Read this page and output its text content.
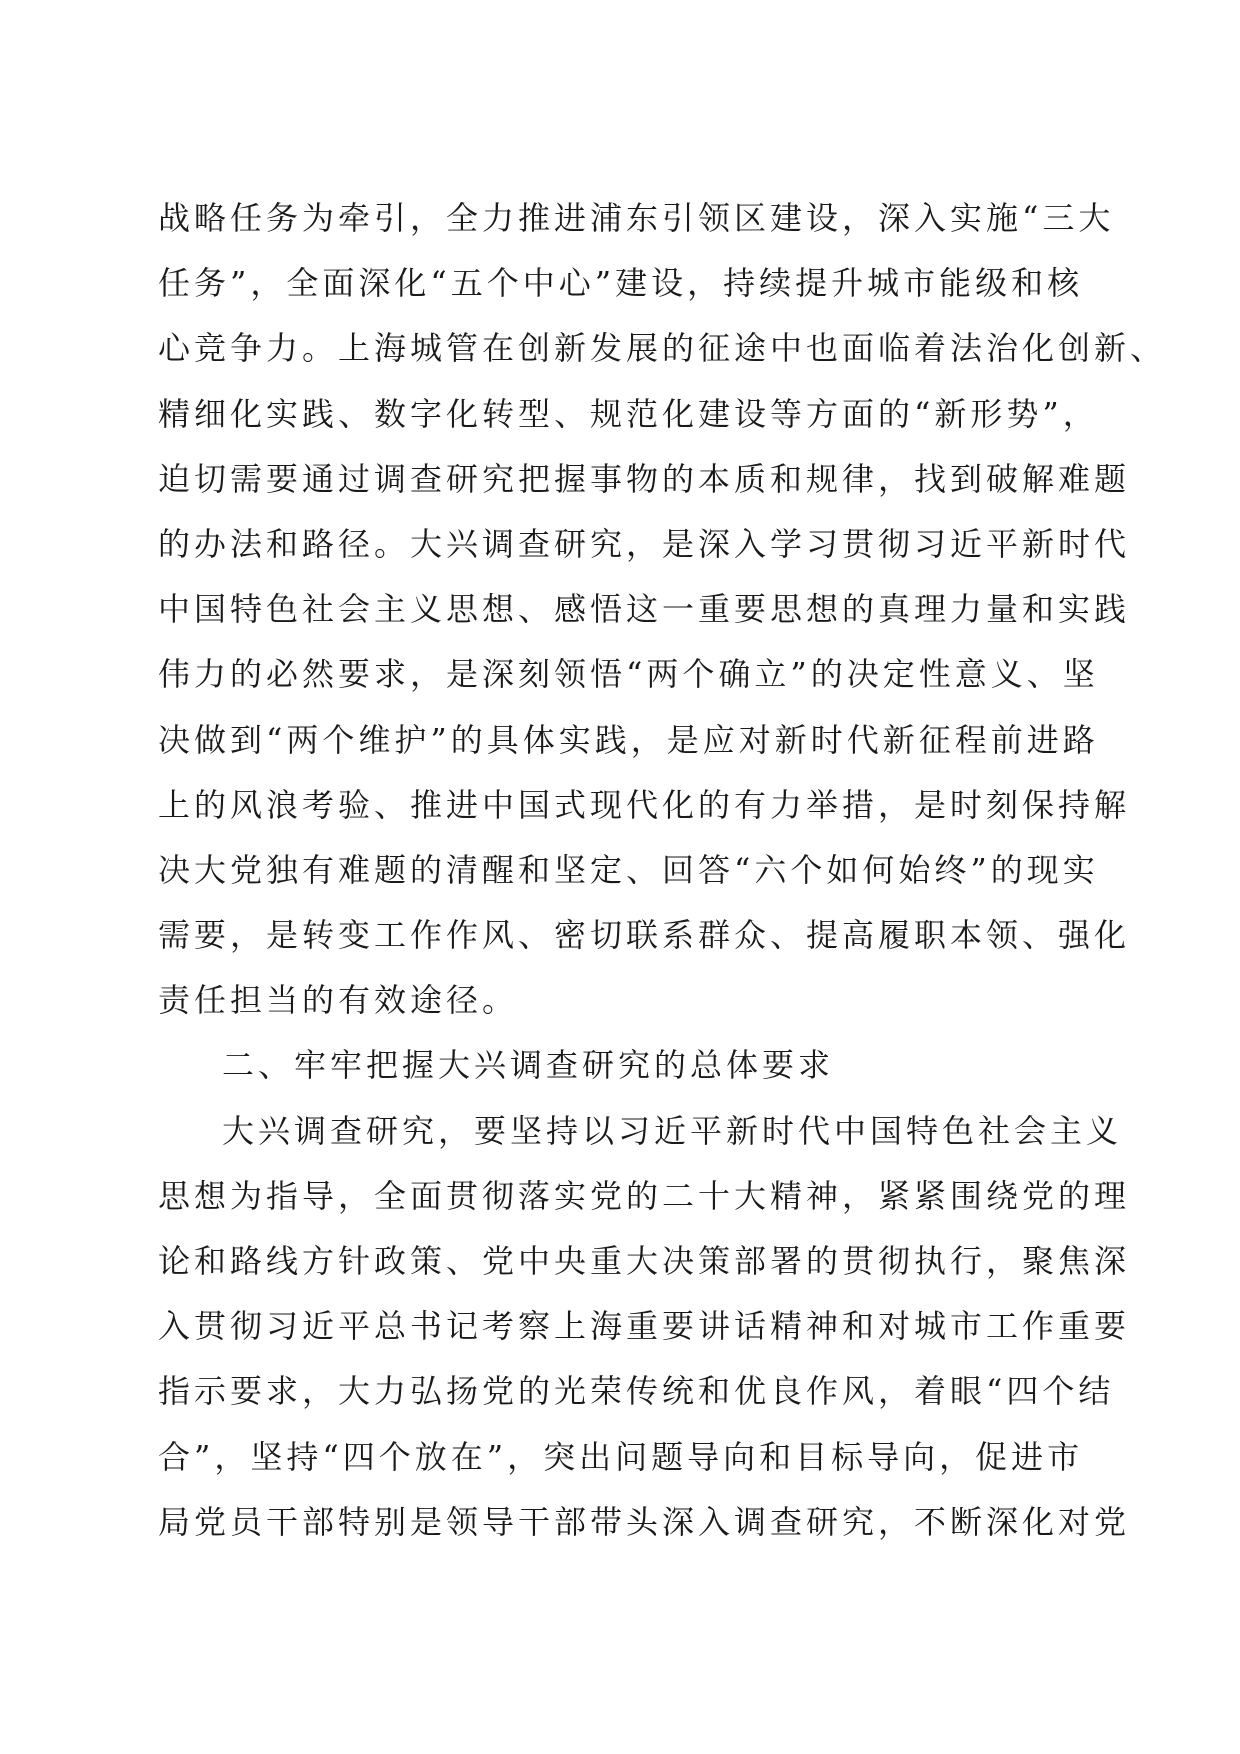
战略任务为牵引，全力推进浦东引领区建设，深入实施“三大
任务”，全面深化“五个中心”建设，持续提升城市能级和核
心竞争力。上海城管在创新发展的征途中也面临着法治化创新、
精细化实践、数字化转型、规范化建设等方面的“新形势”，
迫切需要通过调查研究把握事物的本质和规律，找到破解难题
的办法和路径。大兴调查研究，是深入学习贯彻习近平新时代
中国特色社会主义思想、感悟这一重要思想的真理力量和实践
伟力的必然要求，是深刻领悟“两个确立”的决定性意义、坚
决做到“两个维护”的具体实践，是应对新时代新征程前进路
上的风浪考验、推进中国式现代化的有力举措，是时刻保持解
决大党独有难题的清醒和坚定、回答“六个如何始终”的现实
需要，是转变工作作风、密切联系群众、提高履职本领、强化
责任担当的有效途径。
二、牢牢把握大兴调查研究的总体要求
大兴调查研究，要坚持以习近平新时代中国特色社会主义
思想为指导，全面贯彻落实党的二十大精神，紧紧围绕党的理
论和路线方针政策、党中央重大决策部署的贯彻执行，聚焦深
入贯彻习近平总书记考察上海重要讲话精神和对城市工作重要
指示要求，大力弘扬党的光荣传统和优良作风，着眼“四个结
合”，坚持“四个放在”，突出问题导向和目标导向，促进市
局党员干部特别是领导干部带头深入调查研究，不断深化对党
